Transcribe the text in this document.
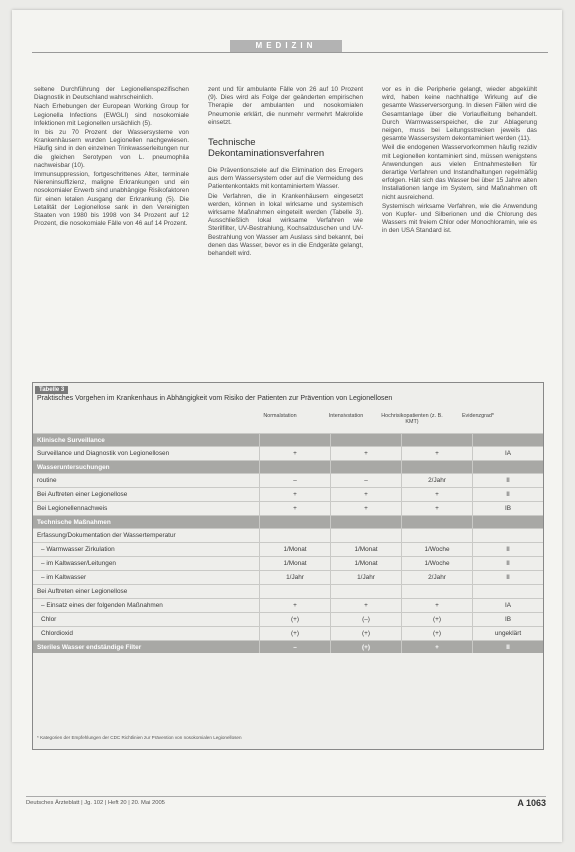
MEDIZIN

seltene Durchführung der Legionellenspezifischen Diagnostik in Deutschland wahrscheinlich.

Nach Erhebungen der European Working Group for Legionella Infections (EWGLI) sind nosokomiale Infektionen mit Legionellen ursächlich (5).

In bis zu 70 Prozent der Wassersysteme von Krankenhäusern wurden Legionellen nachgewiesen. Häufig sind in den einzelnen Trinkwasserleitungen nur die gleichen Serotypen von L. pneumophila nachweisbar (10).

Immunsuppression, fortgeschrittenes Alter, terminale Niereninsuffizienz, maligne Erkrankungen und ein nosokomialer Erwerb sind unabhängige Risikofaktoren für einen letalen Ausgang der Erkrankung (5). Die Letalität der Legionellose sank in den Vereinigten Staaten von 1980 bis 1998 von 34 Prozent auf 12 Prozent, die nosokomiale Fälle von 46 auf 14 Prozent.

zent und für ambulante Fälle von 26 auf 10 Prozent (9). Dies wird als Folge der geänderten empirischen Therapie der ambulanten und nosokomialen Pneumonie erklärt, die nunmehr vermehrt Makrolide einsetzt.

Technische Dekontaminationsverfahren

Die Präventionsziele auf die Elimination des Erregers aus dem Wassersystem oder auf die Vermeidung des Patientenkontakts mit kontaminiertem Wasser.

Die Verfahren, die in Krankenhäusern eingesetzt werden, können in lokal wirksame und systemisch wirksame Maßnahmen eingeteilt werden (Tabelle 3). Ausschließlich lokal wirksame Verfahren wie Sterilfilter, UV-Bestrahlung, Kochsalzduschen und UV-Bestrahlung von Wasser am Auslass sind bekannt, bei denen das Wasser, bevor es in die Endgeräte gelangt, behandelt wird.

vor es in die Peripherie gelangt, wieder abgekühlt wird, haben keine nachhaltige Wirkung auf die gesamte Wasserversorgung. In diesen Fällen wird die Gesamtanlage über die Vorlaufleitung behandelt. Durch Warmwasserspeicher, die zur Ablagerung neigen, muss bei Leitungsstrecken jeweils das gesamte Wassersystem dekontaminiert werden (11).

Weil die endogenen Wasservorkommen häufig rezidiv mit Legionellen kontaminiert sind, müssen wenigstens Anwendungen aus vielen Entnahmestellen für derartige Verfahren und Instandhaltungen regelmäßig erfolgen. Hält sich das Wasser bei über 15 Jahre alten Installationen lange im System, sind Maßnahmen oft nicht ausreichend.

Systemisch wirksame Verfahren, wie die Anwendung von Kupfer- und Silberionen und die Chlorung des Wassers mit freiem Chlor oder Monochloramin, wie es in den USA Standard ist.

Tabelle 3
Praktisches Vorgehen im Krankenhaus in Abhängigkeit vom Risiko der Patienten zur Prävention von Legionellosen
Normalstation	Intensivstation	Hochrisikopatienten (z. B. KMT)
Evidenzgrad*
Klinische Surveillance				
Surveillance und Diagnostik von Legionellosen	+	+	+	IA
Wasseruntersuchungen				
routine	–	–	2/Jahr	II
Bei Auftreten einer Legionellose	+	+	+	II
Bei Legionellennachweis	+	+	+	IB
Technische Maßnahmen				
Erfassung/Dokumentation der Wassertemperatur				
– Warmwasser Zirkulation	1/Monat	1/Monat	1/Woche	II
– im Kaltwasser/Leitungen	1/Monat	1/Monat	1/Woche	II
– im Kaltwasser	1/Jahr	1/Jahr	2/Jahr	II
Bei Auftreten einer Legionellose				
– Einsatz eines der folgenden Maßnahmen	+	+	+	IA
Chlor	(+)	(–)	(+)	IB
Chlordioxid	(+)	(+)	(+)	ungeklärt
Steriles Wasser endständige Filter	–	(+)	+	II
* Kategorien der Empfehlungen der CDC Richtlinien zur Prävention von nosokomialen Legionellosen
Deutsches Ärzteblatt | Jg. 102 | Heft 20 | 20. Mai 2005	A 1063
